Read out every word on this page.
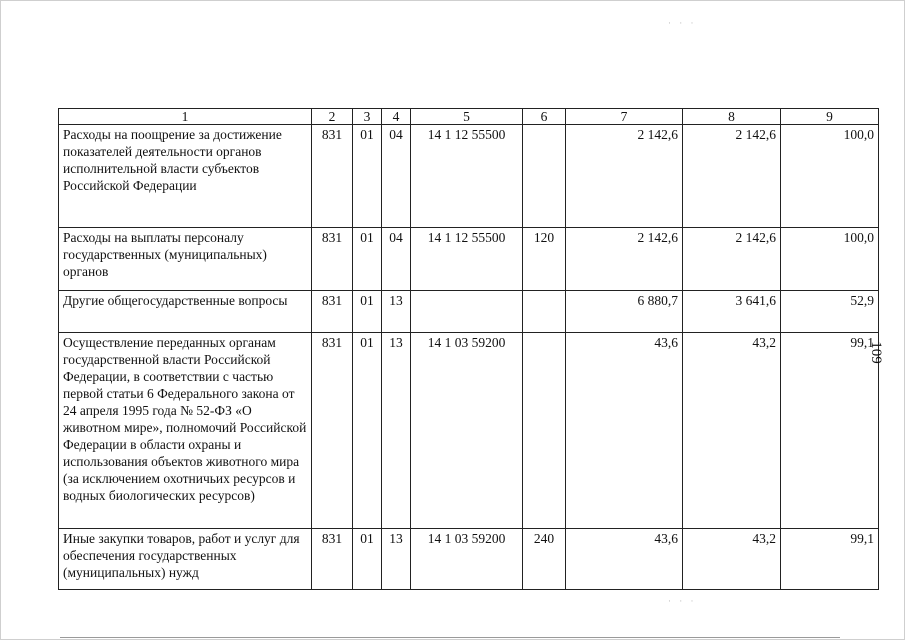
· · ·
· · ·
1	2	3	4	5	6	7	8	9
Расходы на поощрение за достижение показателей деятельности органов исполнительной власти субъектов Российской Федерации	831	01	04	14 1 12 55500		2 142,6	2 142,6	100,0
Расходы на выплаты персоналу государственных (муниципальных) органов	831	01	04	14 1 12 55500	120	2 142,6	2 142,6	100,0
Другие общегосударственные вопросы	831	01	13			6 880,7	3 641,6	52,9
Осуществление переданных органам государственной власти Российской Федерации, в соответствии с частью первой статьи 6 Федерального закона от 24 апреля 1995 года № 52-ФЗ «О животном мире», полномочий Российской Федерации в области охраны и использования объектов животного мира (за исключением охотничьих ресурсов и водных биологических ресурсов)	831	01	13	14 1 03 59200		43,6	43,2	99,1
Иные закупки товаров, работ и услуг для обеспечения государственных (муниципальных) нужд	831	01	13	14 1 03 59200	240	43,6	43,2	99,1
109
